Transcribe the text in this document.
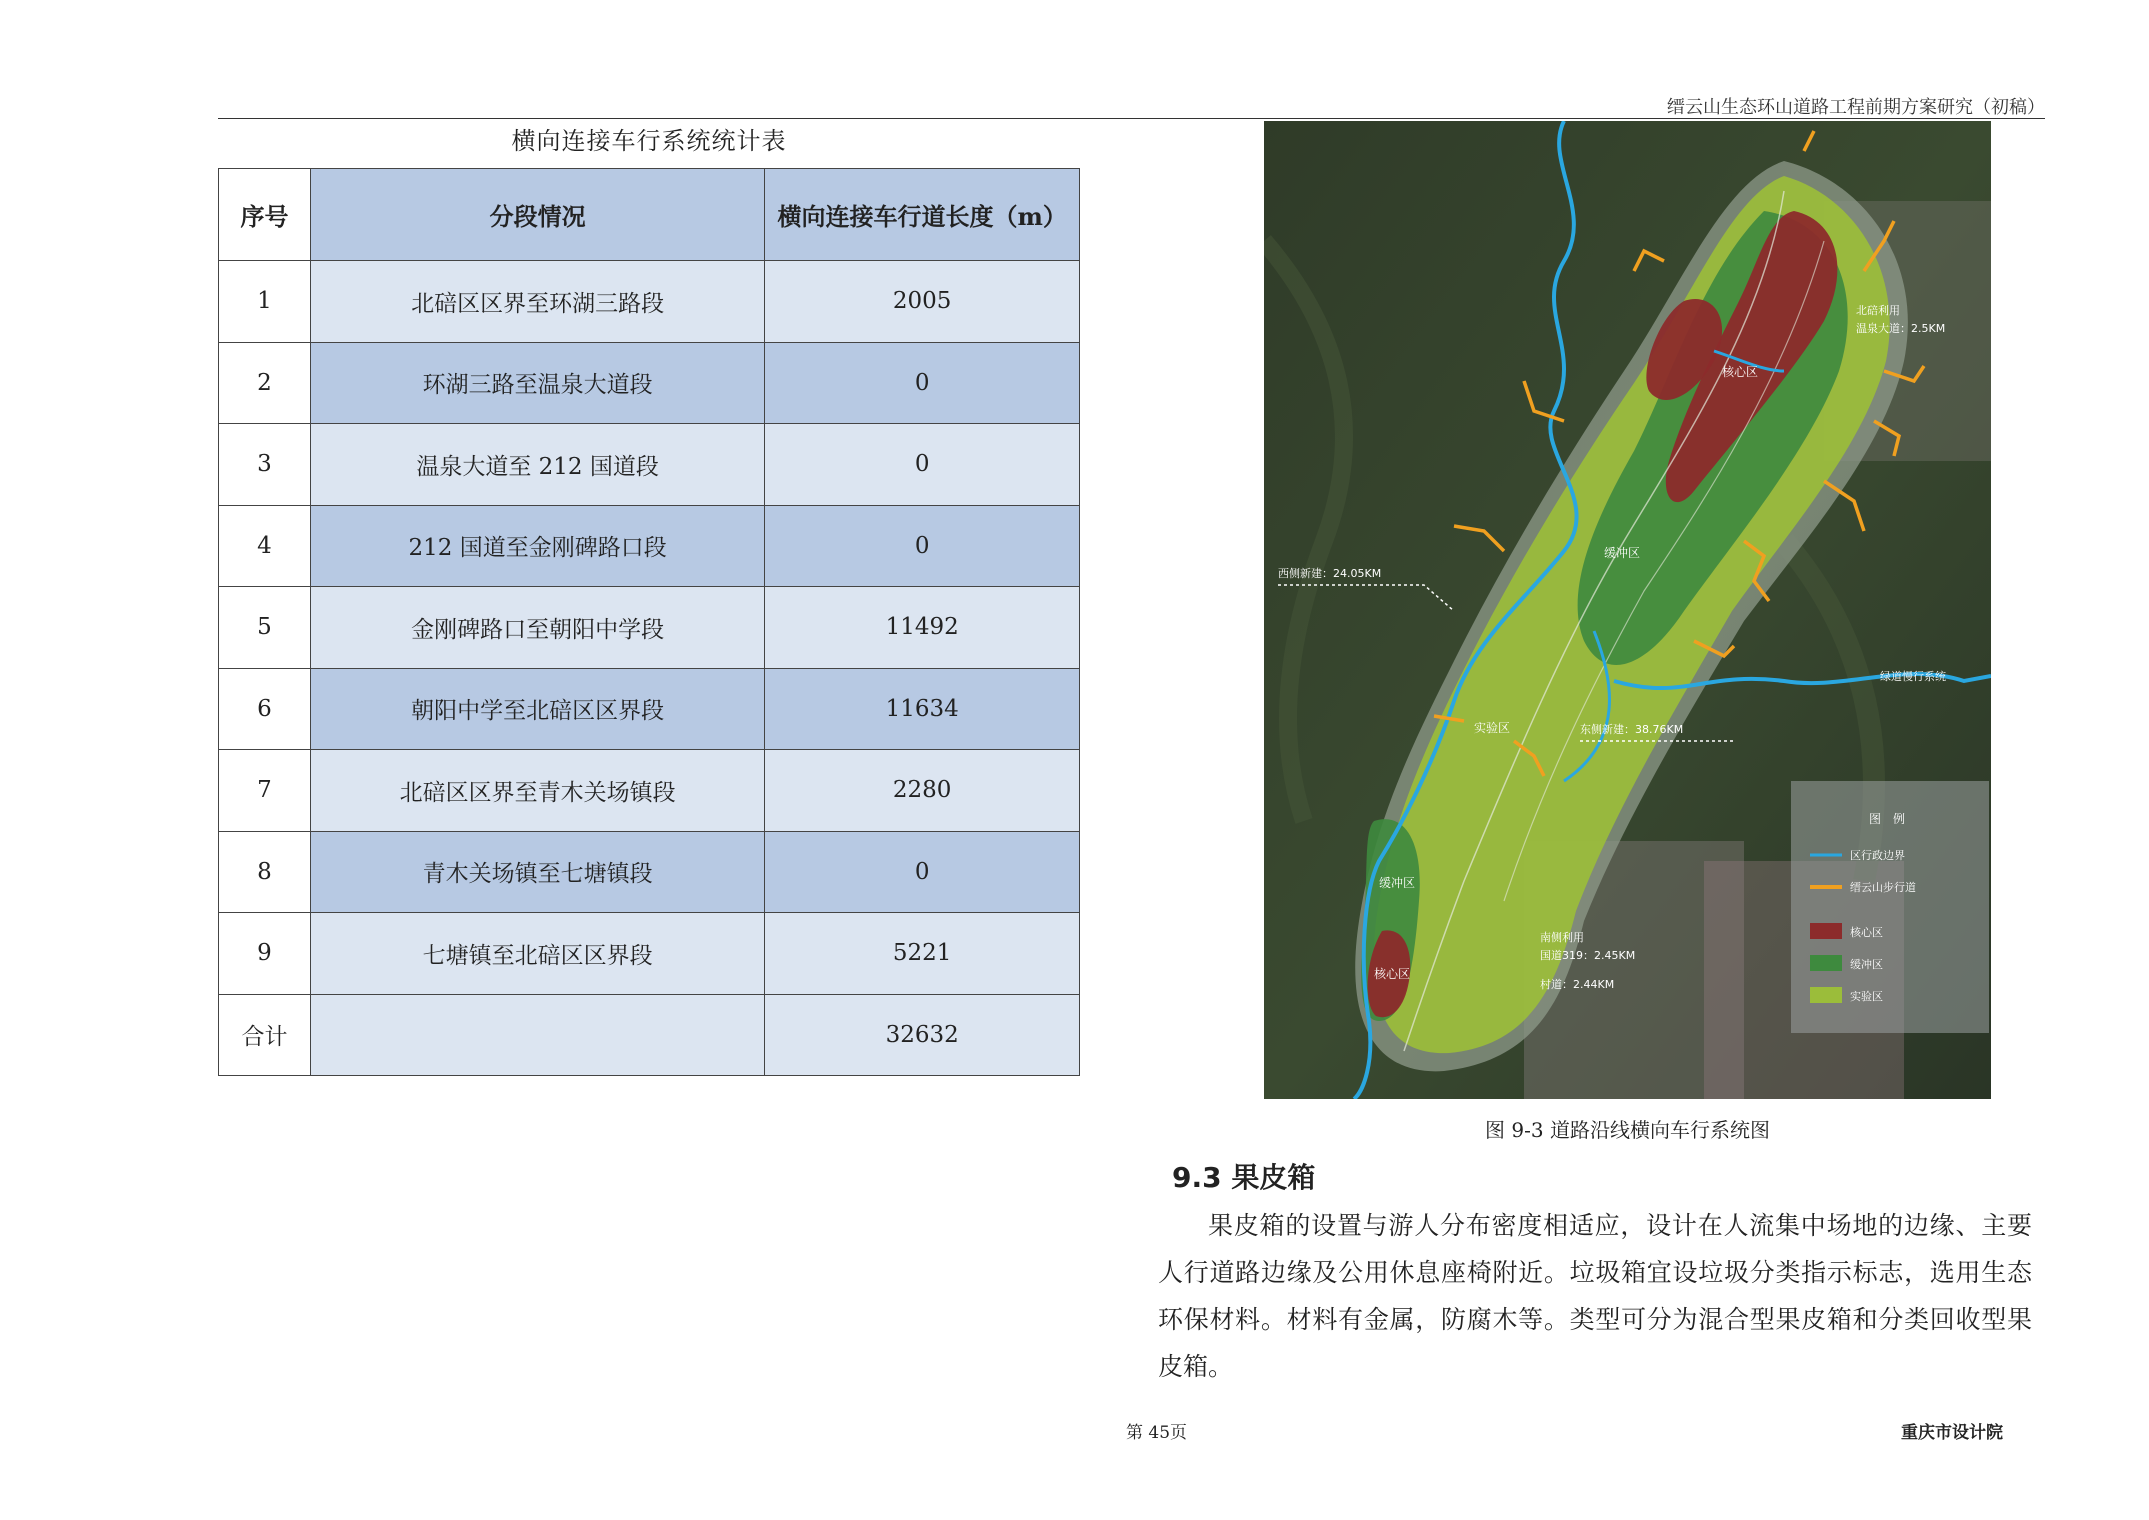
缙云山生态环山道路工程前期方案研究（初稿）
横向连接车行系统统计表
序号	分段情况	横向连接车行道长度（m）
1	北碚区区界至环湖三路段	2005
2	环湖三路至温泉大道段	0
3	温泉大道至 212 国道段	0
4	212 国道至金刚碑路口段	0
5	金刚碑路口至朝阳中学段	11492
6	朝阳中学至北碚区区界段	11634
7	北碚区区界至青木关场镇段	2280
8	青木关场镇至七塘镇段	0
9	七塘镇至北碚区区界段	5221
合计		32632
核心区
核心区
缓冲区
缓冲区
实验区
北碚利用
温泉大道：2.5KM
西侧新建：24.05KM
东侧新建：38.76KM
绿道慢行系统
南侧利用
国道319：2.45KM
村道：2.44KM
图　例
区行政边界
缙云山步行道
核心区
缓冲区
实验区
图 9-3 道路沿线横向车行系统图
9.3 果皮箱

果皮箱的设置与游人分布密度相适应，设计在人流集中场地的边缘、主要人行道路边缘及公用休息座椅附近。垃圾箱宜设垃圾分类指示标志，选用生态环保材料。材料有金属，防腐木等。类型可分为混合型果皮箱和分类回收型果皮箱。

第 45页	重庆市设计院
